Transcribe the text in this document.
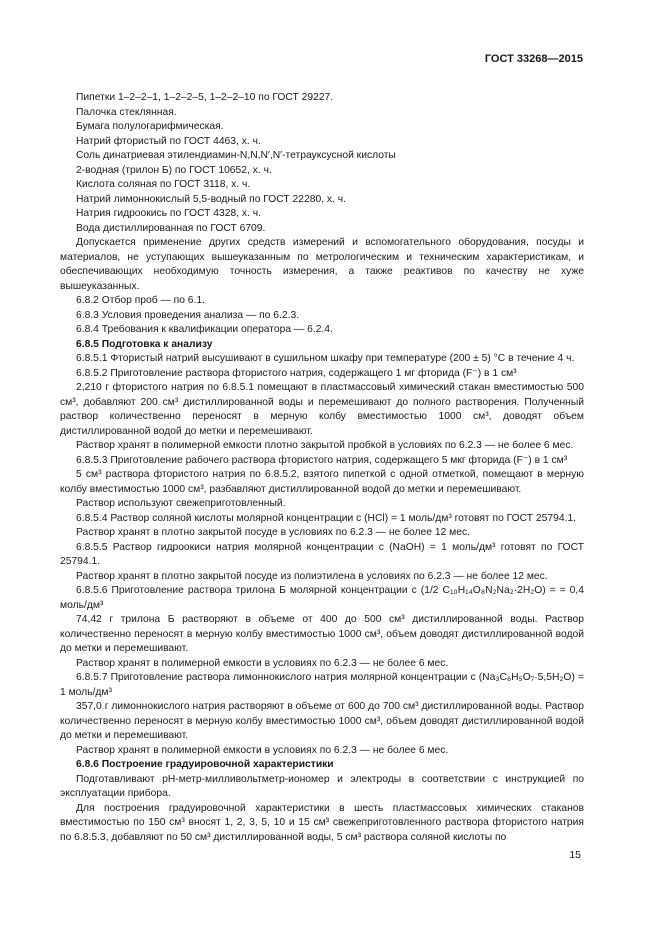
ГОСТ 33268—2015

Пипетки 1–2–2–1, 1–2–2–5, 1–2–2–10 по ГОСТ 29227.

Палочка стеклянная.

Бумага полулогарифмическая.

Натрий фтористый по ГОСТ 4463, х. ч.

Соль динатриевая этилендиамин-N,N,N′,N′-тетрауксусной кислоты

2-водная (трилон Б) по ГОСТ 10652, х. ч.

Кислота соляная по ГОСТ 3118, х. ч.

Натрий лимоннокислый 5,5-водный по ГОСТ 22280, х. ч.

Натрия гидроокись по ГОСТ 4328, х. ч.

Вода дистиллированная по ГОСТ 6709.

Допускается применение других средств измерений и вспомогательного оборудования, посуды и материалов, не уступающих вышеуказанным по метрологическим и техническим характеристикам, и обеспечивающих необходимую точность измерения, а также реактивов по качеству не хуже вышеуказанных.

6.8.2 Отбор проб — по 6.1.

6.8.3 Условия проведения анализа — по 6.2.3.

6.8.4 Требования к квалификации оператора — 6.2.4.

6.8.5 Подготовка к анализу

6.8.5.1 Фтористый натрий высушивают в сушильном шкафу при температуре (200 ± 5) °С в течение 4 ч.

6.8.5.2 Приготовление раствора фтористого натрия, содержащего 1 мг фторида (F⁻) в 1 см³

2,210 г фтористого натрия по 6.8.5.1 помещают в пластмассовый химический стакан вместимостью 500 см³, добавляют 200 см³ дистиллированной воды и перемешивают до полного растворения. Полученный раствор количественно переносят в мерную колбу вместимостью 1000 см³, доводят объем дистиллированной водой до метки и перемешивают.

Раствор хранят в полимерной емкости плотно закрытой пробкой в условиях по 6.2.3 — не более 6 мес.

6.8.5.3 Приготовление рабочего раствора фтористого натрия, содержащего 5 мкг фторида (F⁻) в 1 см³

5 см³ раствора фтористого натрия по 6.8.5.2, взятого пипеткой с одной отметкой, помещают в мерную колбу вместимостью 1000 см³, разбавляют дистиллированной водой до метки и перемешивают.

Раствор используют свежеприготовленный.

6.8.5.4 Раствор соляной кислоты молярной концентрации с (HCl) = 1 моль/дм³ готовят по ГОСТ 25794.1.

Раствор хранят в плотно закрытой посуде в условиях по 6.2.3 — не более 12 мес.

6.8.5.5 Раствор гидроокиси натрия молярной концентрации с (NaOH) = 1 моль/дм³ готовят по ГОСТ 25794.1.

Раствор хранят в плотно закрытой посуде из полиэтилена в условиях по 6.2.3 — не более 12 мес.

6.8.5.6 Приготовление раствора трилона Б молярной концентрации с (1/2 C₁₀H₁₄O₈N₂Na₂·2H₂O) = = 0,4 моль/дм³

74,42 г трилона Б растворяют в объеме от 400 до 500 см³ дистиллированной воды. Раствор количественно переносят в мерную колбу вместимостью 1000 см³, объем доводят дистиллированной водой до метки и перемешивают.

Раствор хранят в полимерной емкости в условиях по 6.2.3 — не более 6 мес.

6.8.5.7 Приготовление раствора лимоннокислого натрия молярной концентрации с (Na₃C₆H₅O₇·5,5H₂O) = 1 моль/дм³

357,0 г лимоннокислого натрия растворяют в объеме от 600 до 700 см³ дистиллированной воды. Раствор количественно переносят в мерную колбу вместимостью 1000 см³, объем доводят дистиллированной водой до метки и перемешивают.

Раствор хранят в полимерной емкости в условиях по 6.2.3 — не более 6 мес.

6.8.6 Построение градуировочной характеристики

Подготавливают рН-метр-милливольтметр-иономер и электроды в соответствии с инструкцией по эксплуатации прибора.

Для построения градуировочной характеристики в шесть пластмассовых химических стаканов вместимостью по 150 см³ вносят 1, 2, 3, 5, 10 и 15 см³ свежеприготовленного раствора фтористого натрия по 6.8.5.3, добавляют по 50 см³ дистиллированной воды, 5 см³ раствора соляной кислоты по

15
